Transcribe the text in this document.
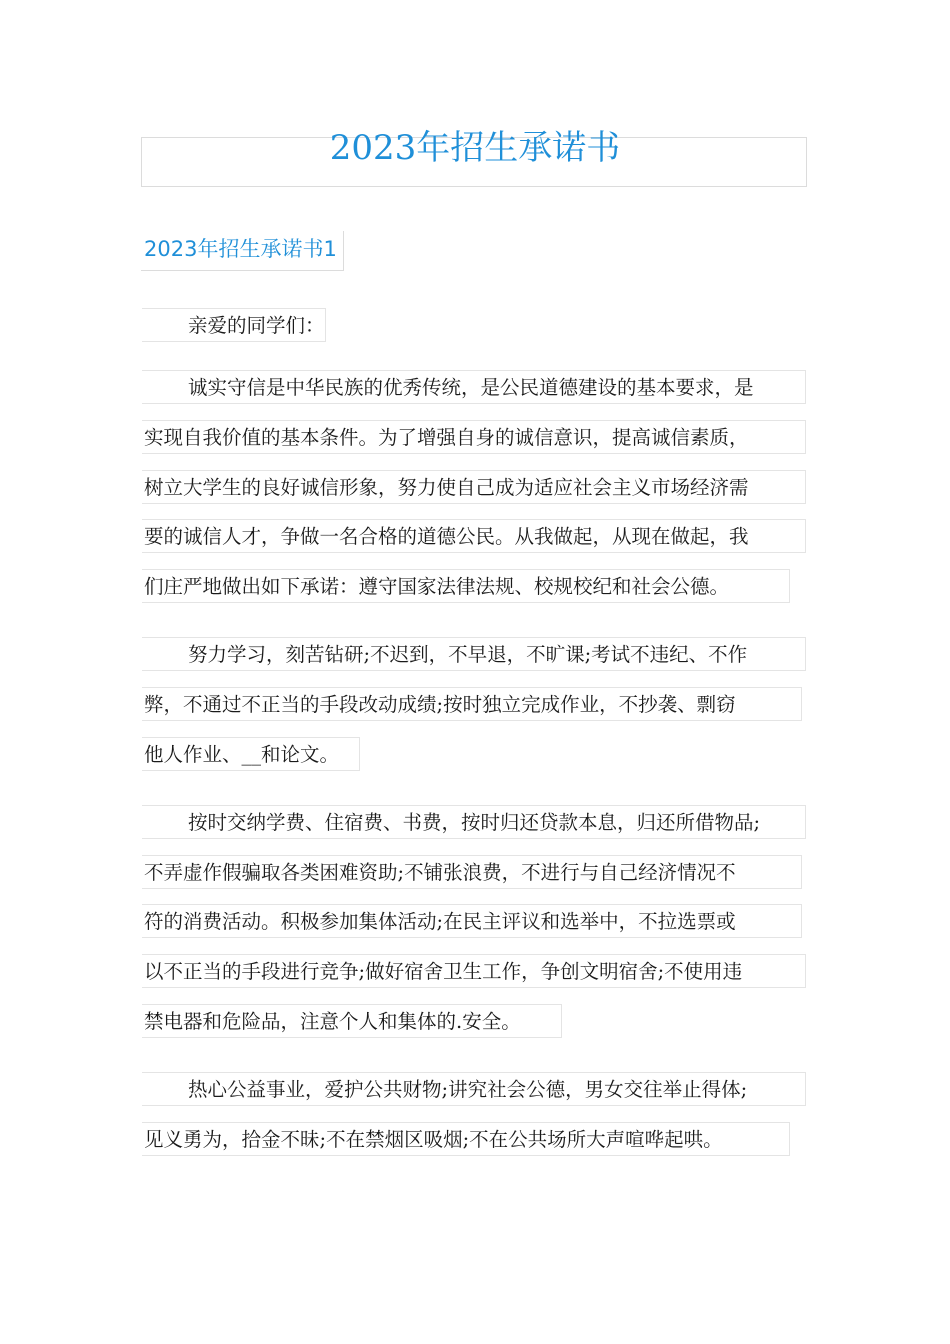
2023年招生承诺书
2023年招生承诺书1
亲爱的同学们：
诚实守信是中华民族的优秀传统，是公民道德建设的基本要求，是
实现自我价值的基本条件。为了增强自身的诚信意识，提高诚信素质，
树立大学生的良好诚信形象，努力使自己成为适应社会主义市场经济需
要的诚信人才，争做一名合格的道德公民。从我做起，从现在做起，我
们庄严地做出如下承诺：遵守国家法律法规、校规校纪和社会公德。
努力学习，刻苦钻研;不迟到，不早退，不旷课;考试不违纪、不作
弊，不通过不正当的手段改动成绩;按时独立完成作业，不抄袭、剽窃
他人作业、__和论文。
按时交纳学费、住宿费、书费，按时归还贷款本息，归还所借物品;
不弄虚作假骗取各类困难资助;不铺张浪费，不进行与自己经济情况不
符的消费活动。积极参加集体活动;在民主评议和选举中，不拉选票或
以不正当的手段进行竞争;做好宿舍卫生工作，争创文明宿舍;不使用违
禁电器和危险品，注意个人和集体的.安全。
热心公益事业，爱护公共财物;讲究社会公德，男女交往举止得体;
见义勇为，拾金不昧;不在禁烟区吸烟;不在公共场所大声喧哗起哄。
